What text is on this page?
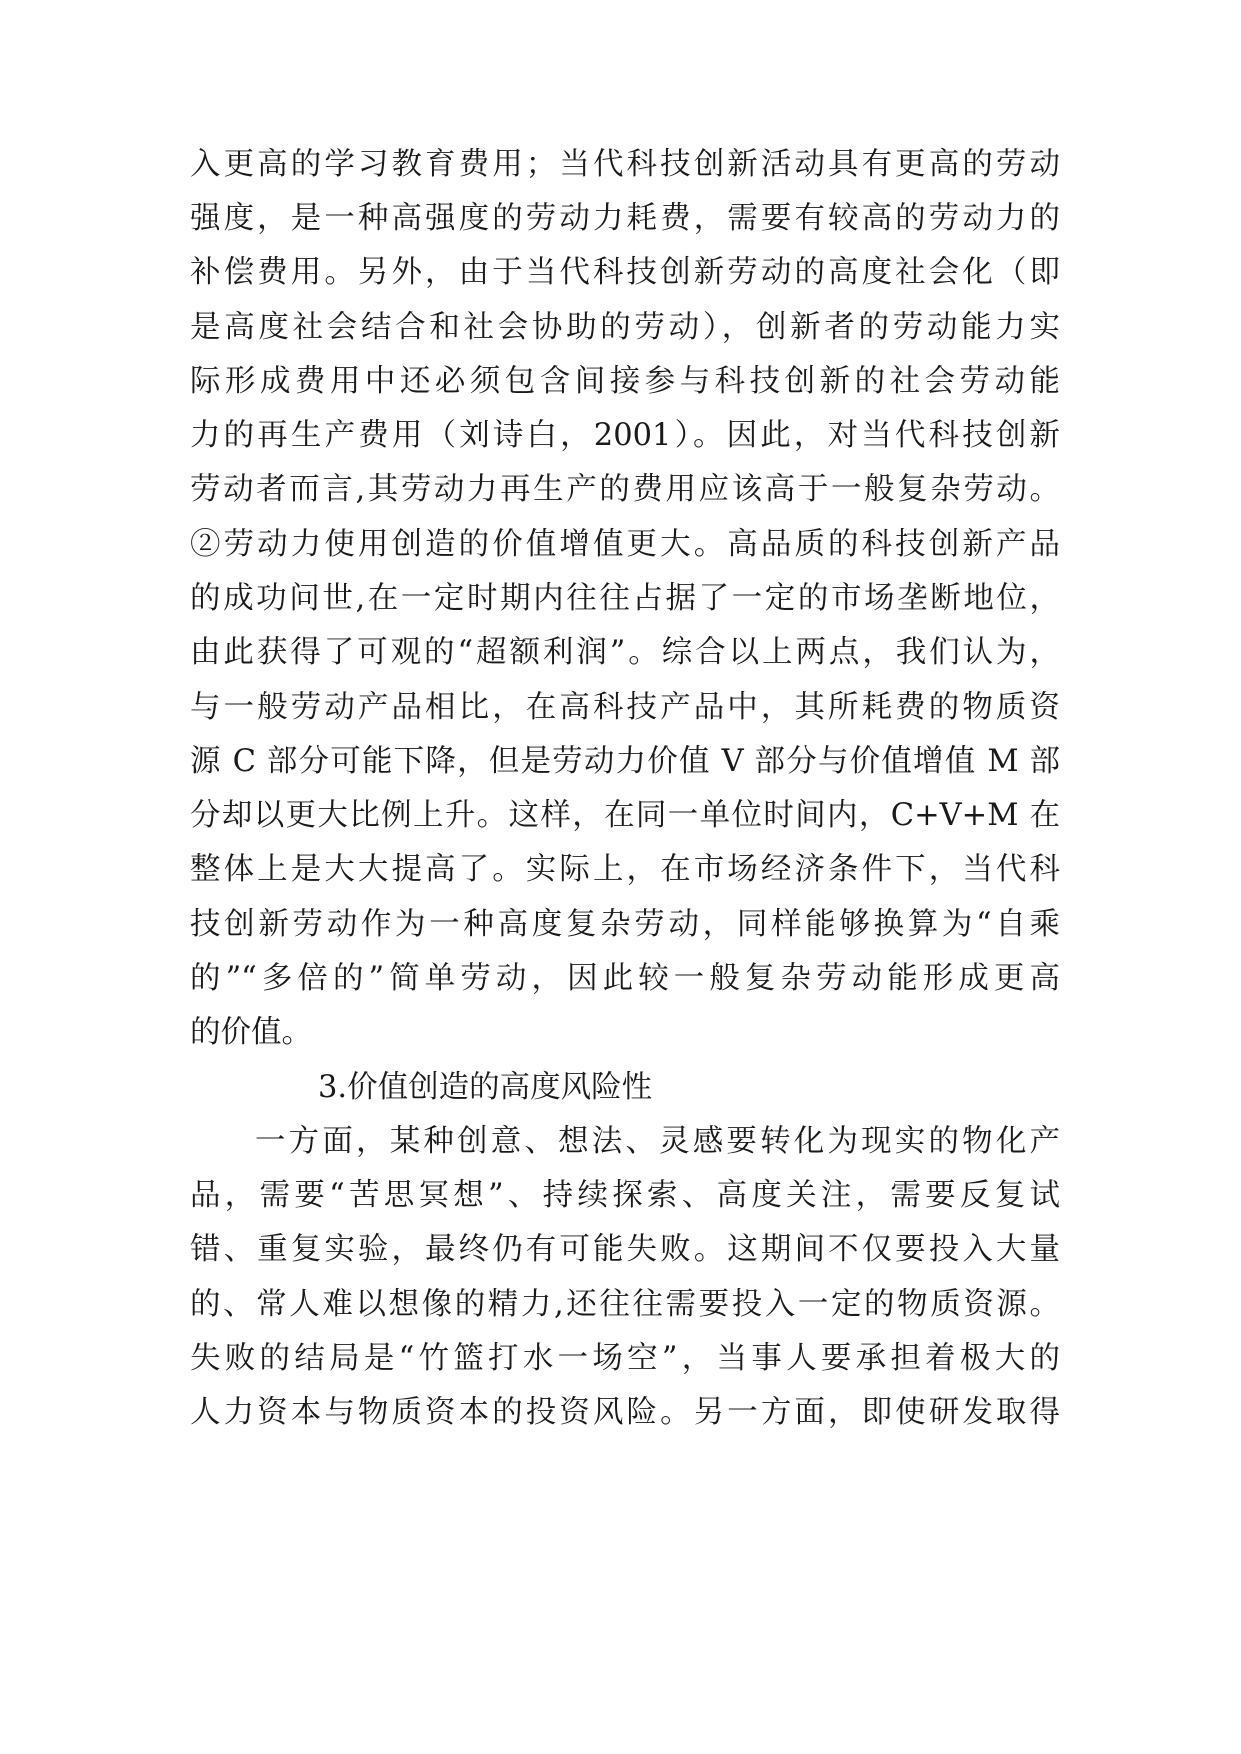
入更高的学习教育费用；当代科技创新活动具有更高的劳动
强度，是一种高强度的劳动力耗费，需要有较高的劳动力的
补偿费用。另外，由于当代科技创新劳动的高度社会化（即
是高度社会结合和社会协助的劳动），创新者的劳动能力实
际形成费用中还必须包含间接参与科技创新的社会劳动能
力的再生产费用（刘诗白，2001）。因此，对当代科技创新
劳动者而言,其劳动力再生产的费用应该高于一般复杂劳动。
②劳动力使用创造的价值增值更大。高品质的科技创新产品
的成功问世,在一定时期内往往占据了一定的市场垄断地位，
由此获得了可观的“超额利润”。综合以上两点，我们认为，
与一般劳动产品相比，在高科技产品中，其所耗费的物质资
源 C 部分可能下降，但是劳动力价值 V 部分与价值增值 M 部
分却以更大比例上升。这样，在同一单位时间内，C+V+M 在
整体上是大大提高了。实际上，在市场经济条件下，当代科
技创新劳动作为一种高度复杂劳动，同样能够换算为“自乘
的”“多倍的”简单劳动，因此较一般复杂劳动能形成更高
的价值。
3.价值创造的高度风险性
一方面，某种创意、想法、灵感要转化为现实的物化产
品，需要“苦思冥想”、持续探索、高度关注，需要反复试
错、重复实验，最终仍有可能失败。这期间不仅要投入大量
的、常人难以想像的精力,还往往需要投入一定的物质资源。
失败的结局是“竹篮打水一场空”，当事人要承担着极大的
人力资本与物质资本的投资风险。另一方面，即使研发取得
